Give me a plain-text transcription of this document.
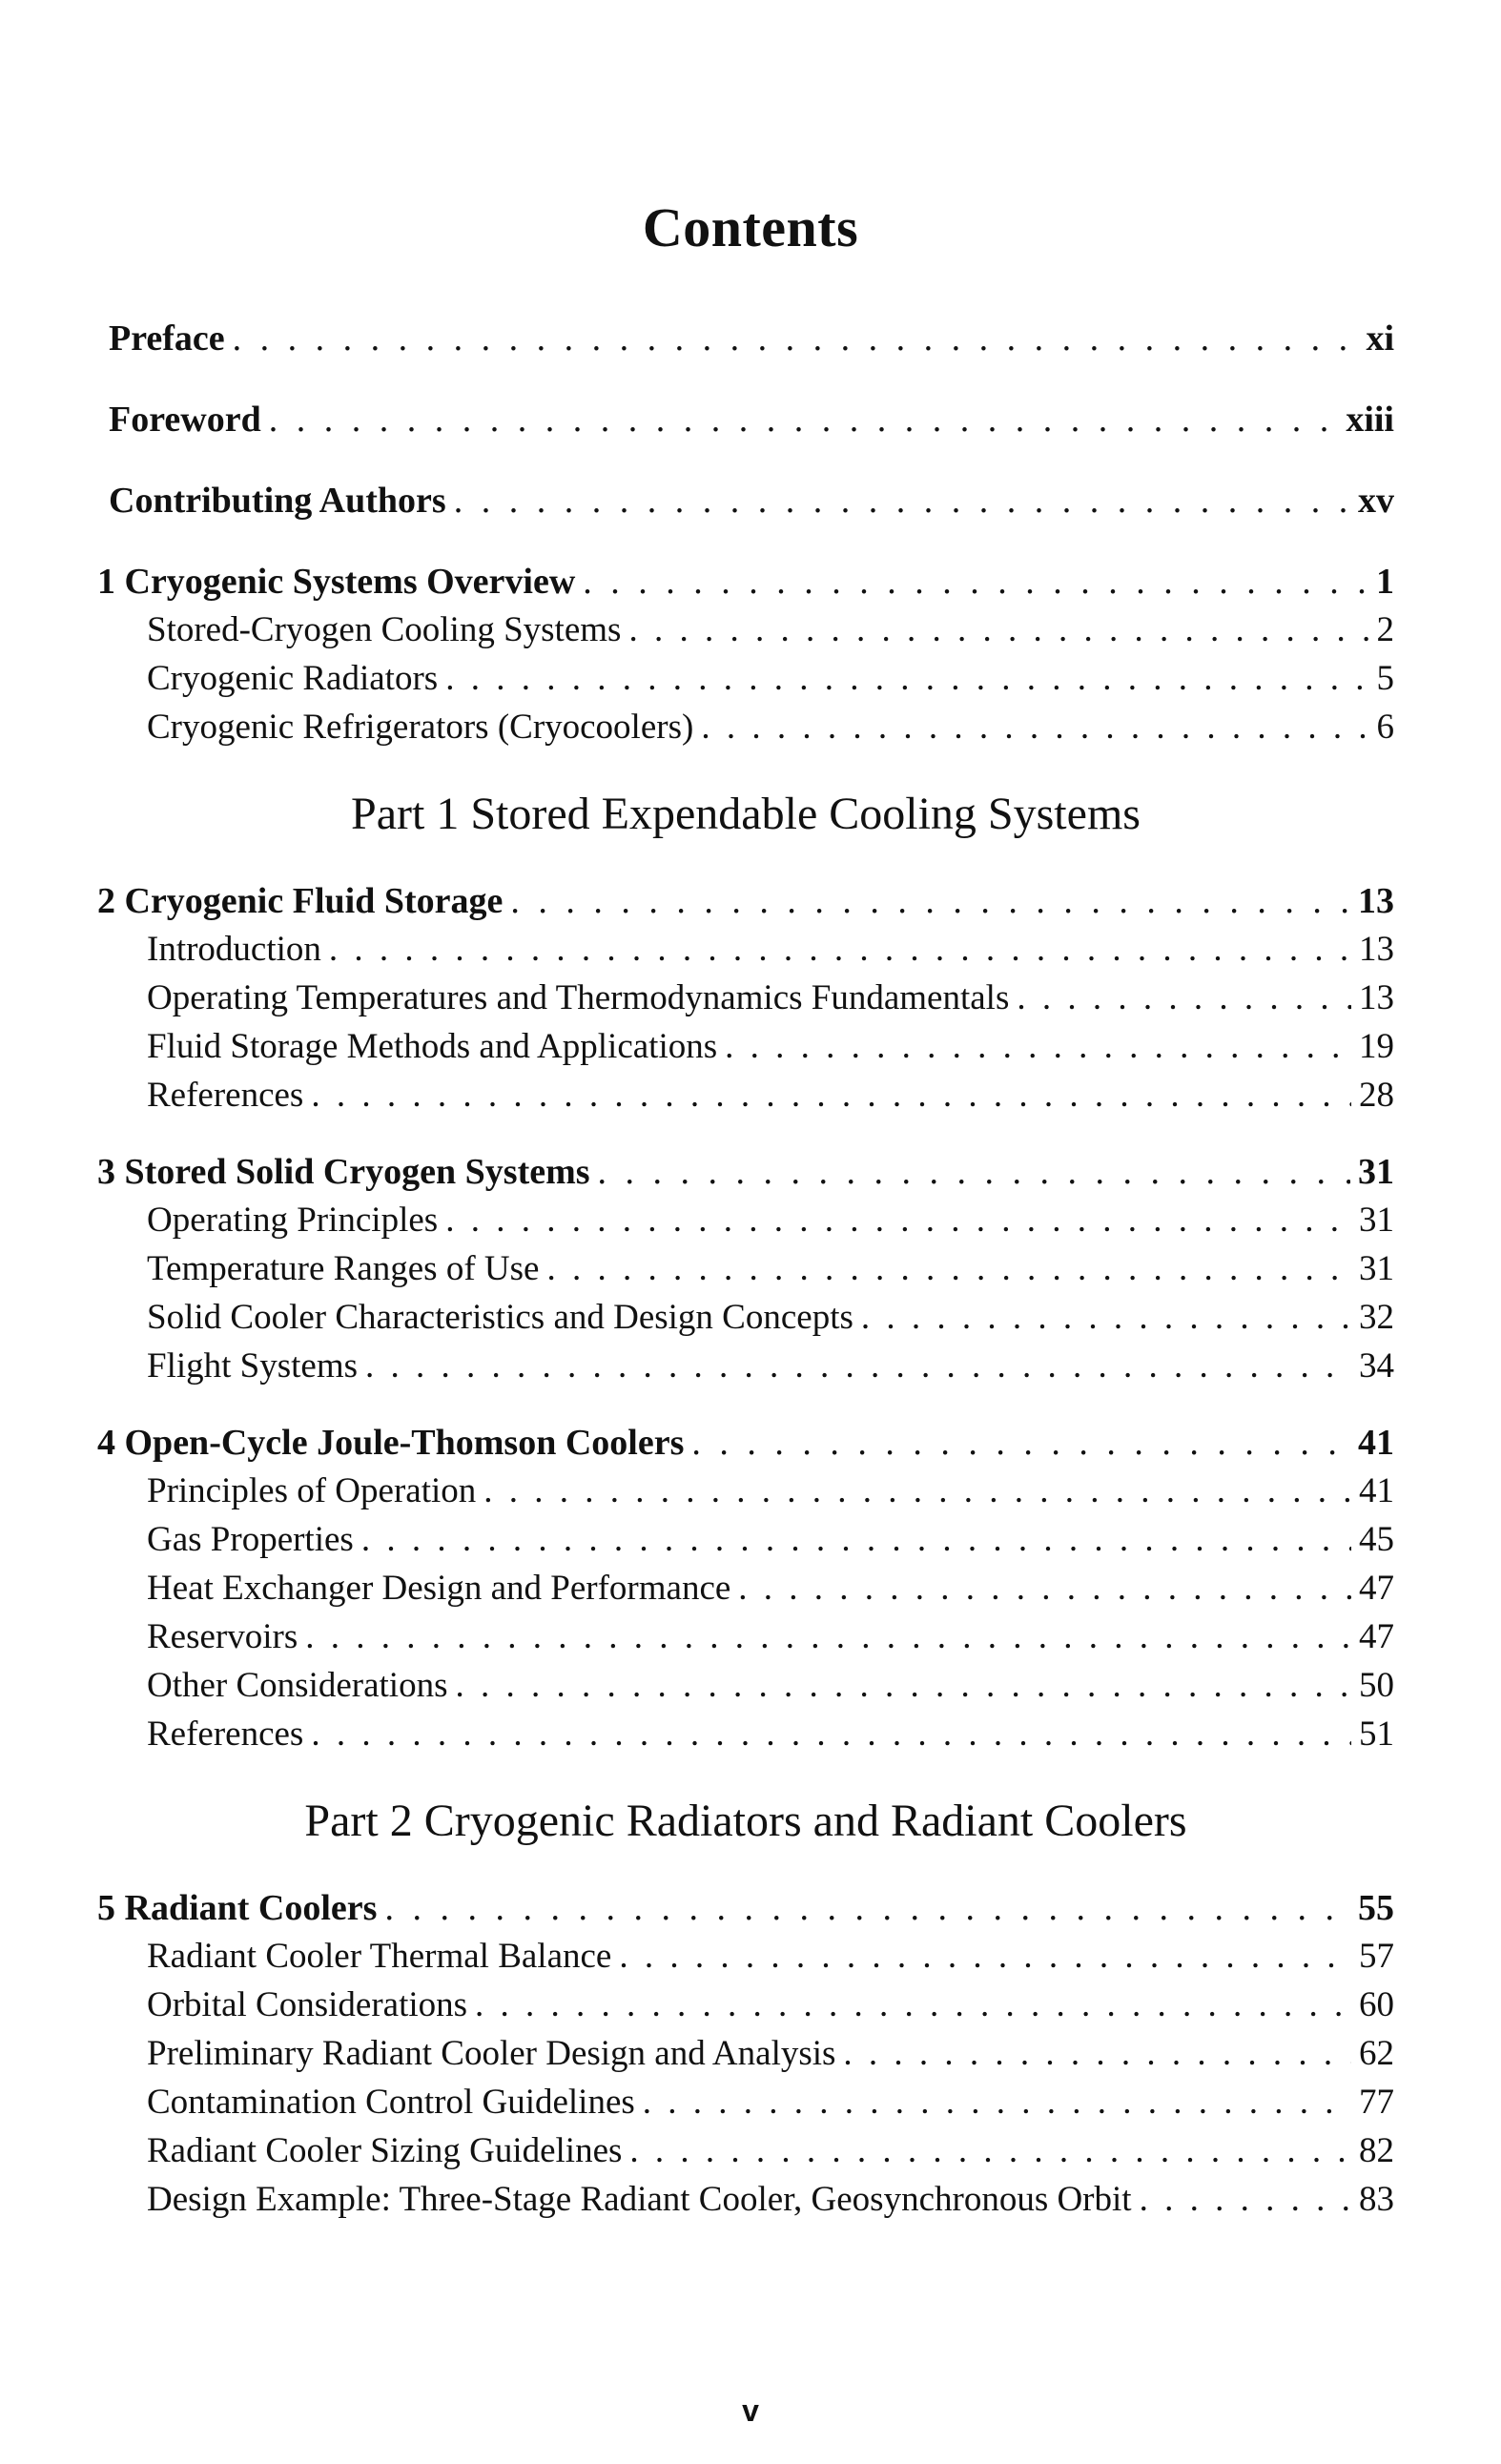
Contents
Preface . . .	xi
Foreword . . .	xiii
Contributing Authors . . .	xv
1 Cryogenic Systems Overview . . .	1
Stored-Cryogen Cooling Systems . . .	2
Cryogenic Radiators . . .	5
Cryogenic Refrigerators (Cryocoolers) . . .	6
Part 1 Stored Expendable Cooling Systems
2 Cryogenic Fluid Storage . . .	13
Introduction . . .	13
Operating Temperatures and Thermodynamics Fundamentals . . .	13
Fluid Storage Methods and Applications . . .	19
References . . .	28
3 Stored Solid Cryogen Systems . . .	31
Operating Principles . . .	31
Temperature Ranges of Use . . .	31
Solid Cooler Characteristics and Design Concepts . . .	32
Flight Systems . . .	34
4 Open-Cycle Joule-Thomson Coolers . . .	41
Principles of Operation . . .	41
Gas Properties . . .	45
Heat Exchanger Design and Performance . . .	47
Reservoirs . . .	47
Other Considerations . . .	50
References . . .	51
Part 2 Cryogenic Radiators and Radiant Coolers
5 Radiant Coolers . . .	55
Radiant Cooler Thermal Balance . . .	57
Orbital Considerations . . .	60
Preliminary Radiant Cooler Design and Analysis . . .	62
Contamination Control Guidelines . . .	77
Radiant Cooler Sizing Guidelines . . .	82
Design Example: Three-Stage Radiant Cooler, Geosynchronous Orbit . . .	83
v
